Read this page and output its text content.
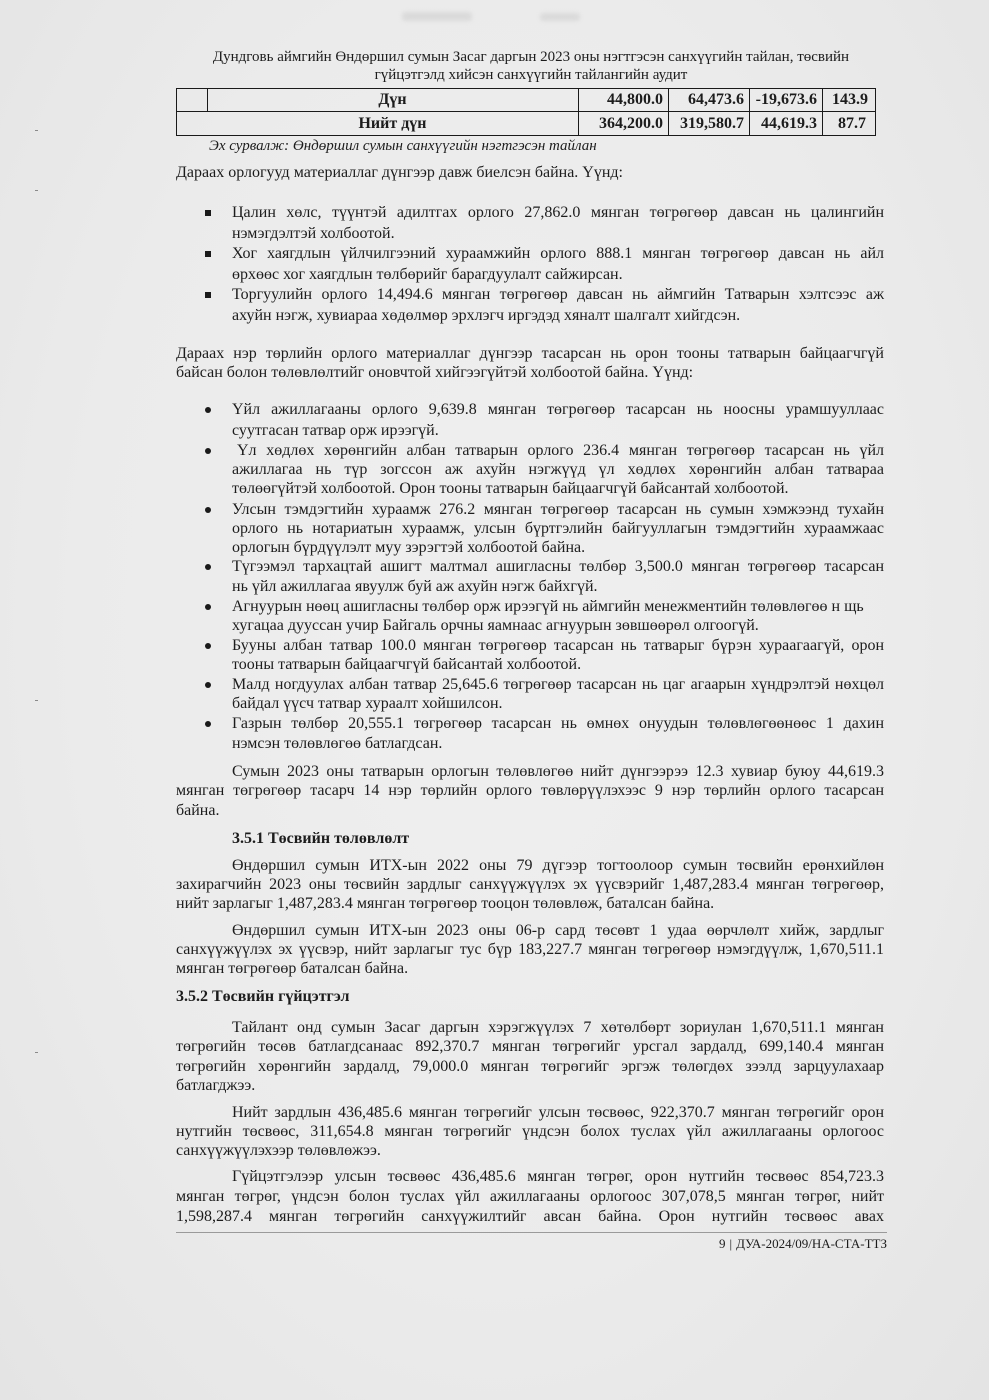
Дундговь аймгийн Өндөршил сумын Засаг даргын 2023 оны нэгтгэсэн санхүүгийн тайлан, төсвийн
гүйцэтгэлд хийсэн санхүүгийн тайлангийн аудит
Дүн	44,800.0	64,473.6 -19,673.6 143.9
Нийт дүн	364,200.0	319,580.7	44,619.3	87.7
Эх сурвалж: Өндөршил сумын санхүүгийн нэгтгэсэн тайлан
Дараах орлогууд материаллаг дүнгээр давж биелсэн байна. Үүнд:
Цалин хөлс, түүнтэй адилтгах орлого 27,862.0 мянган төгрөгөөр давсан нь цалингийн
нэмэгдэлтэй холбоотой.
Хог хаягдлын үйлчилгээний хураамжийн орлого 888.1 мянган төгрөгөөр давсан нь айл
өрхөөс хог хаягдлын төлбөрийг барагдуулалт сайжирсан.
Торгуулийн орлого 14,494.6 мянган төгрөгөөр давсан нь аймгийн Татварын хэлтсээс аж
ахуйн нэгж, хувиараа хөдөлмөр эрхлэгч иргэдэд хяналт шалгалт хийгдсэн.
Дараах нэр төрлийн орлого материаллаг дүнгээр тасарсан нь орон тооны татварын байцаагчгүй
байсан болон төлөвлөлтийг оновчтой хийгээгүйтэй холбоотой байна. Үүнд:
Үйл ажиллагааны орлого 9,639.8 мянган төгрөгөөр тасарсан нь ноосны урамшууллаас
суутгасан татвар орж ирээгүй.
Үл хөдлөх хөрөнгийн албан татварын орлого 236.4 мянган төгрөгөөр тасарсан нь үйл
ажиллагаа нь түр зогссон аж ахуйн нэгжүүд үл хөдлөх хөрөнгийн албан татвараа
төлөөгүйтэй холбоотой. Орон тооны татварын байцаагчгүй байсантай холбоотой.
Улсын тэмдэгтийн хураамж 276.2 мянган төгрөгөөр тасарсан нь сумын хэмжээнд тухайн
орлого нь нотариатын хураамж, улсын бүртгэлийн байгууллагын тэмдэгтийн хураамжаас
орлогын бүрдүүлэлт муу зэрэгтэй холбоотой байна.
Түгээмэл тархацтай ашигт малтмал ашигласны төлбөр 3,500.0 мянган төгрөгөөр тасарсан
нь үйл ажиллагаа явуулж буй аж ахуйн нэгж байхгүй.
Агнуурын нөөц ашигласны төлбөр орж ирээгүй нь аймгийн менежментийн төлөвлөгөө н щь
хугацаа дууссан учир Байгаль орчны яамнаас агнуурын зөвшөөрөл олгоогүй.
Бууны албан татвар 100.0 мянган төгрөгөөр тасарсан нь татварыг бүрэн хураагаагүй, орон
тооны татварын байцаагчгүй байсантай холбоотой.
Малд ногдуулах албан татвар 25,645.6 төгрөгөөр тасарсан нь цаг агаарын хүндрэлтэй нөхцөл
байдал үүсч татвар хураалт хойшилсон.
Газрын төлбөр 20,555.1 төгрөгөөр тасарсан нь өмнөх онуудын төлөвлөгөөнөөс 1 дахин
нэмсэн төлөвлөгөө батлагдсан.
Сумын 2023 оны татварын орлогын төлөвлөгөө нийт дүнгээрээ 12.3 хувиар буюу 44,619.3
мянган төгрөгөөр тасарч 14 нэр төрлийн орлого төвлөрүүлэхээс 9 нэр төрлийн орлого тасарсан
байна.
3.5.1 Төсвийн төлөвлөлт
Өндөршил сумын ИТХ-ын 2022 оны 79 дүгээр тогтоолоор сумын төсвийн ерөнхийлөн
захирагчийн 2023 оны төсвийн зардлыг санхүүжүүлэх эх үүсвэрийг 1,487,283.4 мянган төгрөгөөр,
нийт зарлагыг 1,487,283.4 мянган төгрөгөөр тооцон төлөвлөж, баталсан байна.
Өндөршил сумын ИТХ-ын 2023 оны 06-р сард төсөвт 1 удаа өөрчлөлт хийж, зардлыг
санхүүжүүлэх эх үүсвэр, нийт зарлагыг тус бүр 183,227.7 мянган төгрөгөөр нэмэгдүүлж, 1,670,511.1
мянган төгрөгөөр баталсан байна.
3.5.2 Төсвийн гүйцэтгэл
Тайлант онд сумын Засаг даргын хэрэгжүүлэх 7 хөтөлбөрт зориулан 1,670,511.1 мянган
төгрөгийн төсөв батлагдсанаас 892,370.7 мянган төгрөгийг урсгал зардалд, 699,140.4 мянган
төгрөгийн хөрөнгийн зардалд, 79,000.0 мянган төгрөгийг эргэж төлөгдөх зээлд зарцуулахаар
батлагджээ.
Нийт зардлын 436,485.6 мянган төгрөгийг улсын төсвөөс, 922,370.7 мянган төгрөгийг орон
нутгийн төсвөөс, 311,654.8 мянган төгрөгийг үндсэн болох туслах үйл ажиллагааны орлогоос
санхүүжүүлэхээр төлөвлөжээ.
Гүйцэтгэлээр улсын төсвөөс 436,485.6 мянган төгрөг, орон нутгийн төсвөөс 854,723.3
мянган төгрөг, үндсэн болон туслах үйл ажиллагааны орлогоос 307,078,5 мянган төгрөг, нийт
1,598,287.4 мянган төгрөгийн санхүүжилтийг авсан байна. Орон нутгийн төсвөөс авах
9 | ДУА-2024/09/НА-СТА-ТТЗ
